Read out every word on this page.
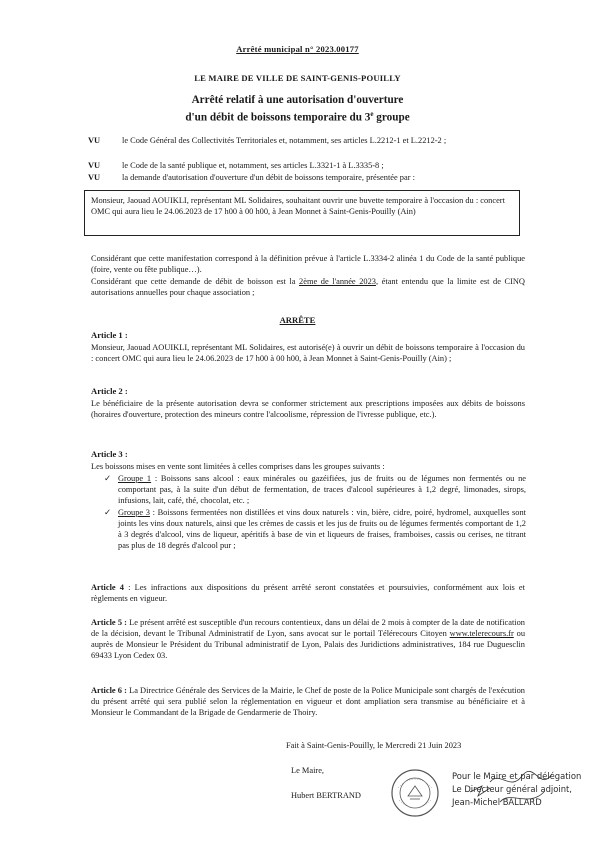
Arrêté municipal n° 2023.00177
LE MAIRE DE VILLE DE SAINT-GENIS-POUILLY
Arrêté relatif à une autorisation d'ouverture
d'un débit de boissons temporaire du 3e groupe
VU	le Code Général des Collectivités Territoriales et, notamment, ses articles L.2212-1 et L.2212-2 ;
VU	le Code de la santé publique et, notamment, ses articles L.3321-1 à L.3335-8 ;
VU	la demande d'autorisation d'ouverture d'un débit de boissons temporaire, présentée par :
Monsieur, Jaouad AOUIKLI, représentant ML Solidaires, souhaitant ouvrir une buvette temporaire à l'occasion du : concert OMC qui aura lieu le 24.06.2023 de 17 h00 à 00 h00, à Jean Monnet à Saint-Genis-Pouilly (Ain)
Considérant que cette manifestation correspond à la définition prévue à l'article L.3334-2 alinéa 1 du Code de la santé publique (foire, vente ou fête publique…).
Considérant que cette demande de débit de boisson est la 2ème de l'année 2023, étant entendu que la limite est de CINQ autorisations annuelles pour chaque association ;
ARRÊTE
Article 1 :
Monsieur, Jaouad AOUIKLI, représentant ML Solidaires, est autorisé(e) à ouvrir un débit de boissons temporaire à l'occasion du : concert OMC qui aura lieu le 24.06.2023 de 17 h00 à 00 h00, à Jean Monnet à Saint-Genis-Pouilly (Ain) ;
Article 2 :
Le bénéficiaire de la présente autorisation devra se conformer strictement aux prescriptions imposées aux débits de boissons (horaires d'ouverture, protection des mineurs contre l'alcoolisme, répression de l'ivresse publique, etc.).
Article 3 :
Les boissons mises en vente sont limitées à celles comprises dans les groupes suivants :
✓ Groupe 1 : Boissons sans alcool : eaux minérales ou gazéifiées, jus de fruits ou de légumes non fermentés ou ne comportant pas, à la suite d'un début de fermentation, de traces d'alcool supérieures à 1,2 degré, limonades, sirops, infusions, lait, café, thé, chocolat, etc. ;
✓ Groupe 3 : Boissons fermentées non distillées et vins doux naturels : vin, bière, cidre, poiré, hydromel, auxquelles sont joints les vins doux naturels, ainsi que les crèmes de cassis et les jus de fruits ou de légumes fermentés comportant de 1,2 à 3 degrés d'alcool, vins de liqueur, apéritifs à base de vin et liqueurs de fraises, framboises, cassis ou cerises, ne titrant pas plus de 18 degrés d'alcool pur ;
Article 4 : Les infractions aux dispositions du présent arrêté seront constatées et poursuivies, conformément aux lois et règlements en vigueur.
Article 5 : Le présent arrêté est susceptible d'un recours contentieux, dans un délai de 2 mois à compter de la date de notification de la décision, devant le Tribunal Administratif de Lyon, sans avocat sur le portail Télérecours Citoyen www.telerecours.fr ou auprès de Monsieur le Président du Tribunal administratif de Lyon, Palais des Juridictions administratives, 184 rue Duguesclin 69433 Lyon Cedex 03.
Article 6 : La Directrice Générale des Services de la Mairie, le Chef de poste de la Police Municipale sont chargés de l'exécution du présent arrêté qui sera publié selon la réglementation en vigueur et dont ampliation sera transmise au bénéficiaire et à Monsieur le Commandant de la Brigade de Gendarmerie de Thoiry.
Fait à Saint-Genis-Pouilly, le Mercredi 21 Juin 2023
Le Maire,
Hubert BERTRAND
Pour le Maire et par délégation
Le Directeur général adjoint,
Jean-Michel BALLARD
